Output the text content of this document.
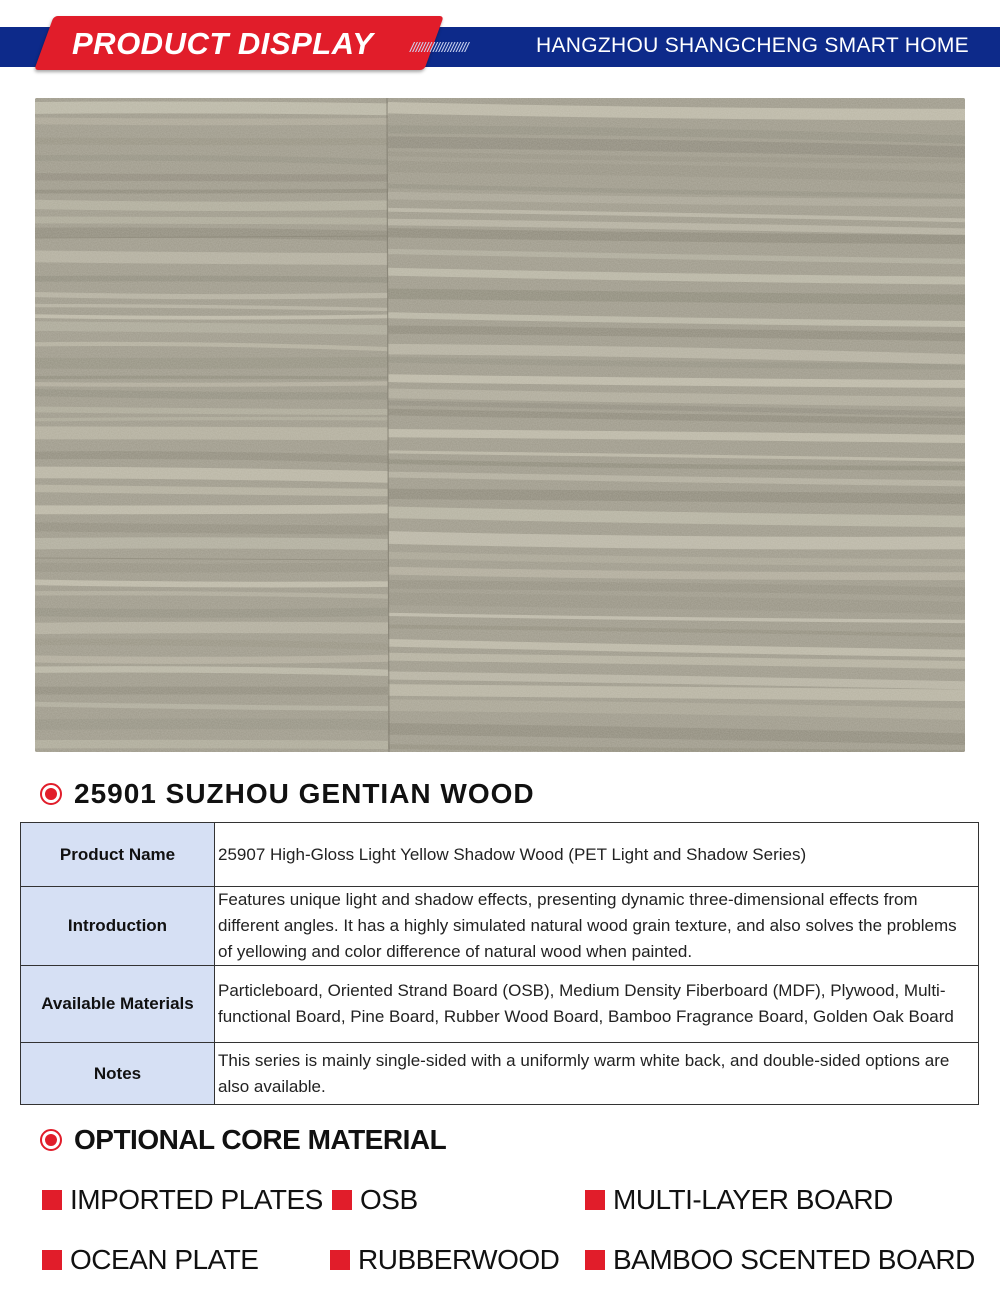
PRODUCT DISPLAY	////////////////////	HANGZHOU SHANGCHENG SMART HOME
25901 SUZHOU GENTIAN WOOD
Product Name	25907 High-Gloss Light Yellow Shadow Wood (PET Light and Shadow Series)
Introduction	Features unique light and shadow effects, presenting dynamic three-dimensional effects from different angles. It has a highly simulated natural wood grain texture, and also solves the problems of yellowing and color difference of natural wood when painted.
Available Materials	Particleboard, Oriented Strand Board (OSB), Medium Density Fiberboard (MDF), Plywood, Multi-functional Board, Pine Board, Rubber Wood Board, Bamboo Fragrance Board, Golden Oak Board
Notes	This series is mainly single-sided with a uniformly warm white back, and double-sided options are also available.
OPTIONAL CORE MATERIAL
IMPORTED PLATES	OSB	MULTI-LAYER BOARD
OCEAN PLATE	RUBBERWOOD	BAMBOO SCENTED BOARD
